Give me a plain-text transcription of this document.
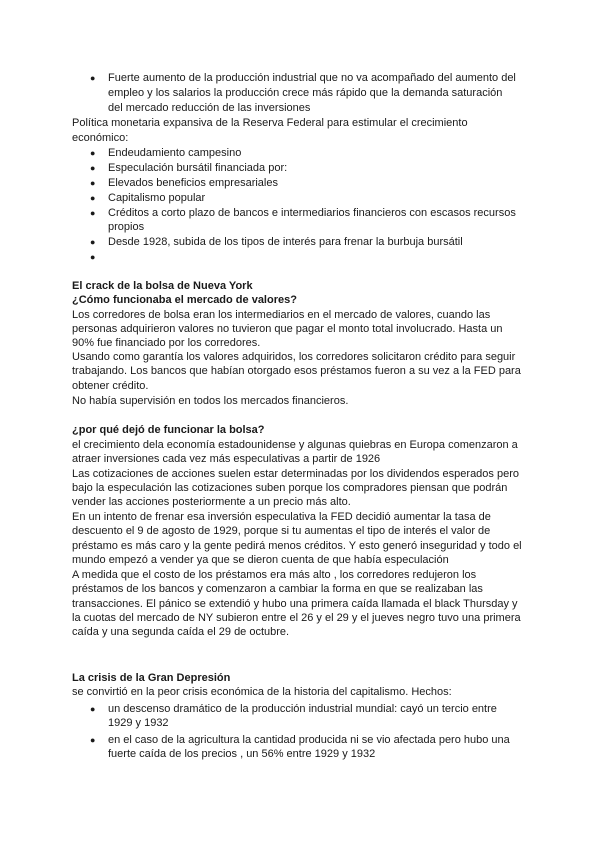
● Fuerte aumento de la producción industrial que no va acompañado del aumento del
empleo y los salarios la producción crece más rápido que la demanda saturación
del mercado reducción de las inversiones
Política monetaria expansiva de la Reserva Federal para estimular el crecimiento
económico:
● Endeudamiento campesino
● Especulación bursátil financiada por:
● Elevados beneficios empresariales
● Capitalismo popular
● Créditos a corto plazo de bancos e intermediarios financieros con escasos recursos
propios
● Desde 1928, subida de los tipos de interés para frenar la burbuja bursátil
●
El crack de la bolsa de Nueva York
¿Cómo funcionaba el mercado de valores?
Los corredores de bolsa eran los intermediarios en el mercado de valores, cuando las
personas adquirieron valores no tuvieron que pagar el monto total involucrado. Hasta un
90% fue financiado por los corredores.
Usando como garantía los valores adquiridos, los corredores solicitaron crédito para seguir
trabajando. Los bancos que habían otorgado esos préstamos fueron a su vez a la FED para
obtener crédito.
No había supervisión en todos los mercados financieros.
¿por qué dejó de funcionar la bolsa?
el crecimiento dela economía estadounidense y algunas quiebras en Europa comenzaron a
atraer inversiones cada vez más especulativas a partir de 1926
Las cotizaciones de acciones suelen estar determinadas por los dividendos esperados pero
bajo la especulación las cotizaciones suben porque los compradores piensan que podrán
vender las acciones posteriormente a un precio más alto.
En un intento de frenar esa inversión especulativa la FED decidió aumentar la tasa de
descuento el 9 de agosto de 1929, porque si tu aumentas el tipo de interés el valor de
préstamo es más caro y la gente pedirá menos créditos. Y esto generó inseguridad y todo el
mundo empezó a vender ya que se dieron cuenta de que había especulación
A medida que el costo de los préstamos era más alto , los corredores redujeron los
préstamos de los bancos y comenzaron a cambiar la forma en que se realizaban las
transacciones. El pánico se extendió y hubo una primera caída llamada el black Thursday y
la cuotas del mercado de NY subieron entre el 26 y el 29 y el jueves negro tuvo una primera
caída y una segunda caída el 29 de octubre.
La crisis de la Gran Depresión
se convirtió en la peor crisis económica de la historia del capitalismo. Hechos:
● un descenso dramático de la producción industrial mundial: cayó un tercio entre
1929 y 1932
● en el caso de la agricultura la cantidad producida ni se vio afectada pero hubo una
fuerte caída de los precios , un 56% entre 1929 y 1932
